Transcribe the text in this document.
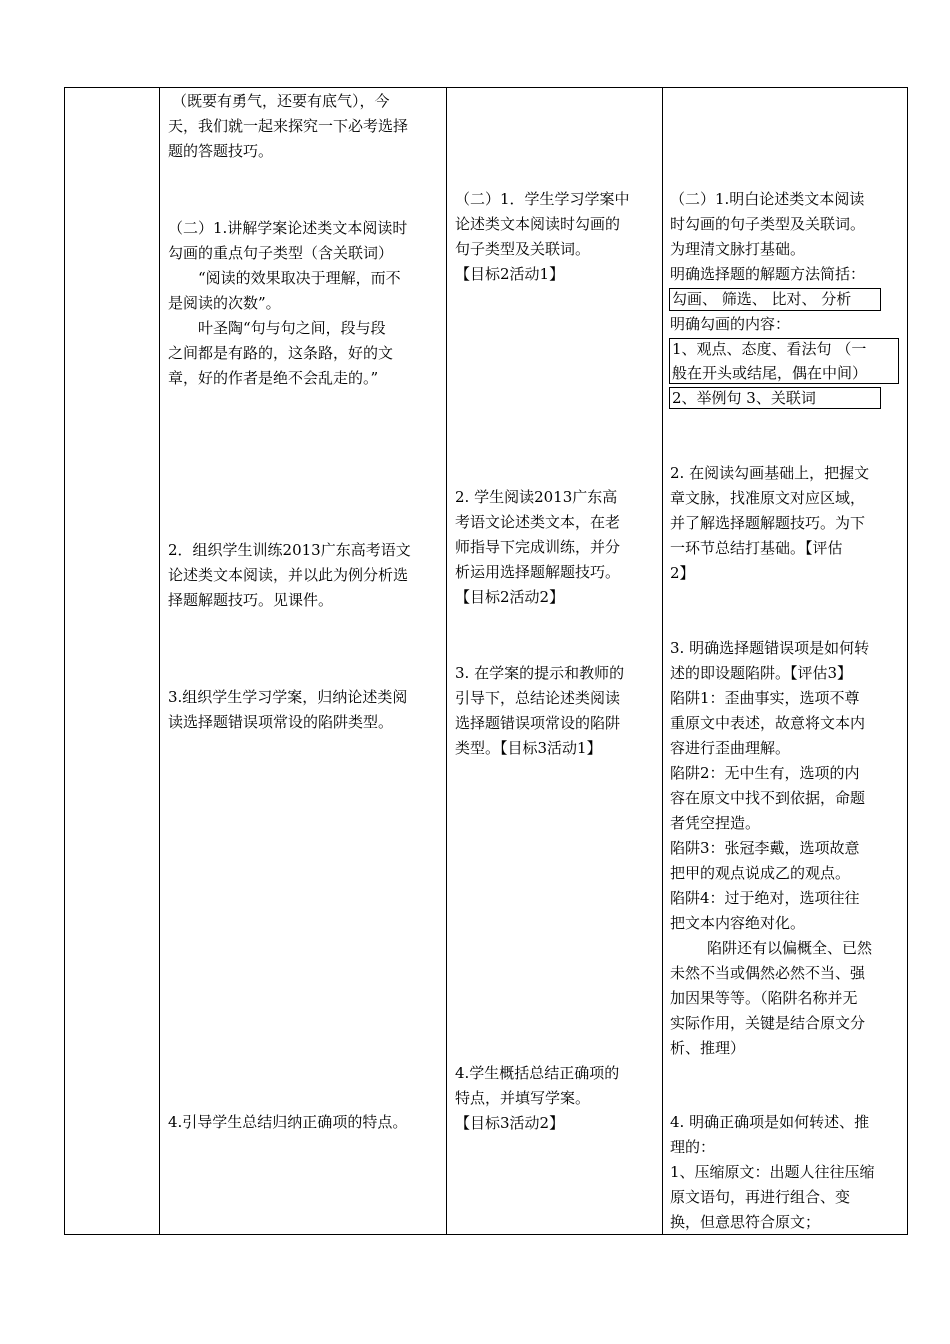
（既要有勇气，还要有底气），今

天，我们就一起来探究一下必考选择

题的答题技巧。

（二）1.讲解学案论述类文本阅读时

勾画的重点句子类型（含关联词）

“阅读的效果取决于理解，而不

是阅读的次数”。

叶圣陶“句与句之间，段与段

之间都是有路的，这条路，好的文

章，好的作者是绝不会乱走的。”

2．组织学生训练2013广东高考语文

论述类文本阅读，并以此为例分析选

择题解题技巧。见课件。

3.组织学生学习学案，归纳论述类阅

读选择题错误项常设的陷阱类型。

4.引导学生总结归纳正确项的特点。

（二）1．学生学习学案中

论述类文本阅读时勾画的

句子类型及关联词。

【目标2活动1】

2. 学生阅读2013广东高

考语文论述类文本，在老

师指导下完成训练，并分

析运用选择题解题技巧。

【目标2活动2】

3. 在学案的提示和教师的

引导下，总结论述类阅读

选择题错误项常设的陷阱

类型。【目标3活动1】

4.学生概括总结正确项的

特点，并填写学案。

【目标3活动2】

（二）1.明白论述类文本阅读

时勾画的句子类型及关联词。

为理清文脉打基础。

明确选择题的解题方法简括：

勾画、 筛选、 比对、 分析

明确勾画的内容：

1、观点、态度、看法句 （一

般在开头或结尾，偶在中间）

2、举例句 3、关联词

2. 在阅读勾画基础上，把握文

章文脉，找准原文对应区域，

并了解选择题解题技巧。为下

一环节总结打基础。【评估

2】

3. 明确选择题错误项是如何转

述的即设题陷阱。【评估3】

陷阱1：歪曲事实，选项不尊

重原文中表述，故意将文本内

容进行歪曲理解。

陷阱2：无中生有，选项的内

容在原文中找不到依据，命题

者凭空捏造。

陷阱3：张冠李戴，选项故意

把甲的观点说成乙的观点。

陷阱4：过于绝对，选项往往

把文本内容绝对化。

陷阱还有以偏概全、已然

未然不当或偶然必然不当、强

加因果等等。（陷阱名称并无

实际作用，关键是结合原文分

析、推理）

4. 明确正确项是如何转述、推

理的：

1、压缩原文：出题人往往压缩

原文语句，再进行组合、变

换，但意思符合原文；
